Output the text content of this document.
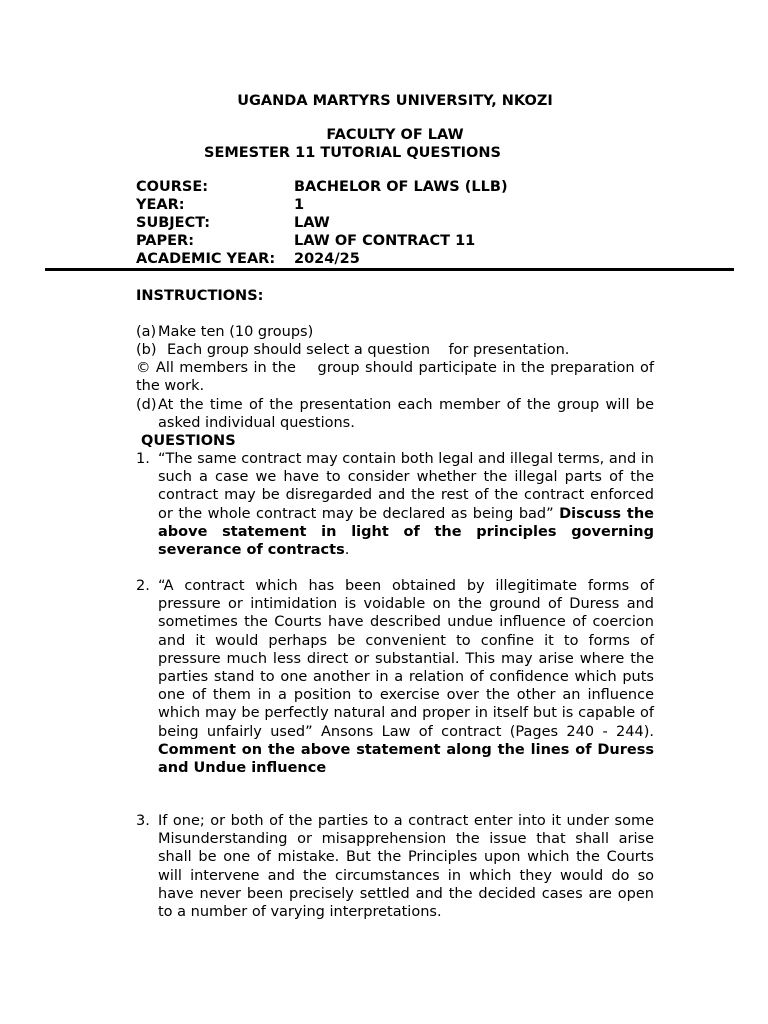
UGANDA MARTYRS UNIVERSITY, NKOZI
FACULTY OF LAW
SEMESTER 11 TUTORIAL QUESTIONS
COURSE:	BACHELOR OF LAWS (LLB)
YEAR:	1
SUBJECT:	LAW
PAPER:	LAW OF CONTRACT 11
ACADEMIC YEAR: 2024/25
INSTRUCTIONS:
(a) Make ten (10 groups)
(b) Each group should select a question    for presentation.
© All members in the    group should participate in the preparation of the work.
(d) At the time of the presentation each member of the group will be asked individual questions.
QUESTIONS
1. “The same contract may contain both legal and illegal terms, and in such a case we have to consider whether the illegal parts of the contract may be disregarded and the rest of the contract enforced or the whole contract may be declared as being bad” Discuss the above statement in light of the principles governing severance of contracts.
2. “A contract which has been obtained by illegitimate forms of pressure or intimidation is voidable on the ground of Duress and sometimes the Courts have described undue influence of coercion and it would perhaps be convenient to confine it to forms of pressure much less direct or substantial. This may arise where the parties stand to one another in a relation of confidence which puts one of them in a position to exercise over the other an influence which may be perfectly natural and proper in itself but is capable of being unfairly used” Ansons Law of contract (Pages 240 - 244). Comment on the above statement along the lines of Duress and Undue influence
3. If one; or both of the parties to a contract enter into it under some Misunderstanding or misapprehension the issue that shall arise shall be one of mistake. But the Principles upon which the Courts will intervene and the circumstances in which they would do so have never been precisely settled and the decided cases are open to a number of varying interpretations.
